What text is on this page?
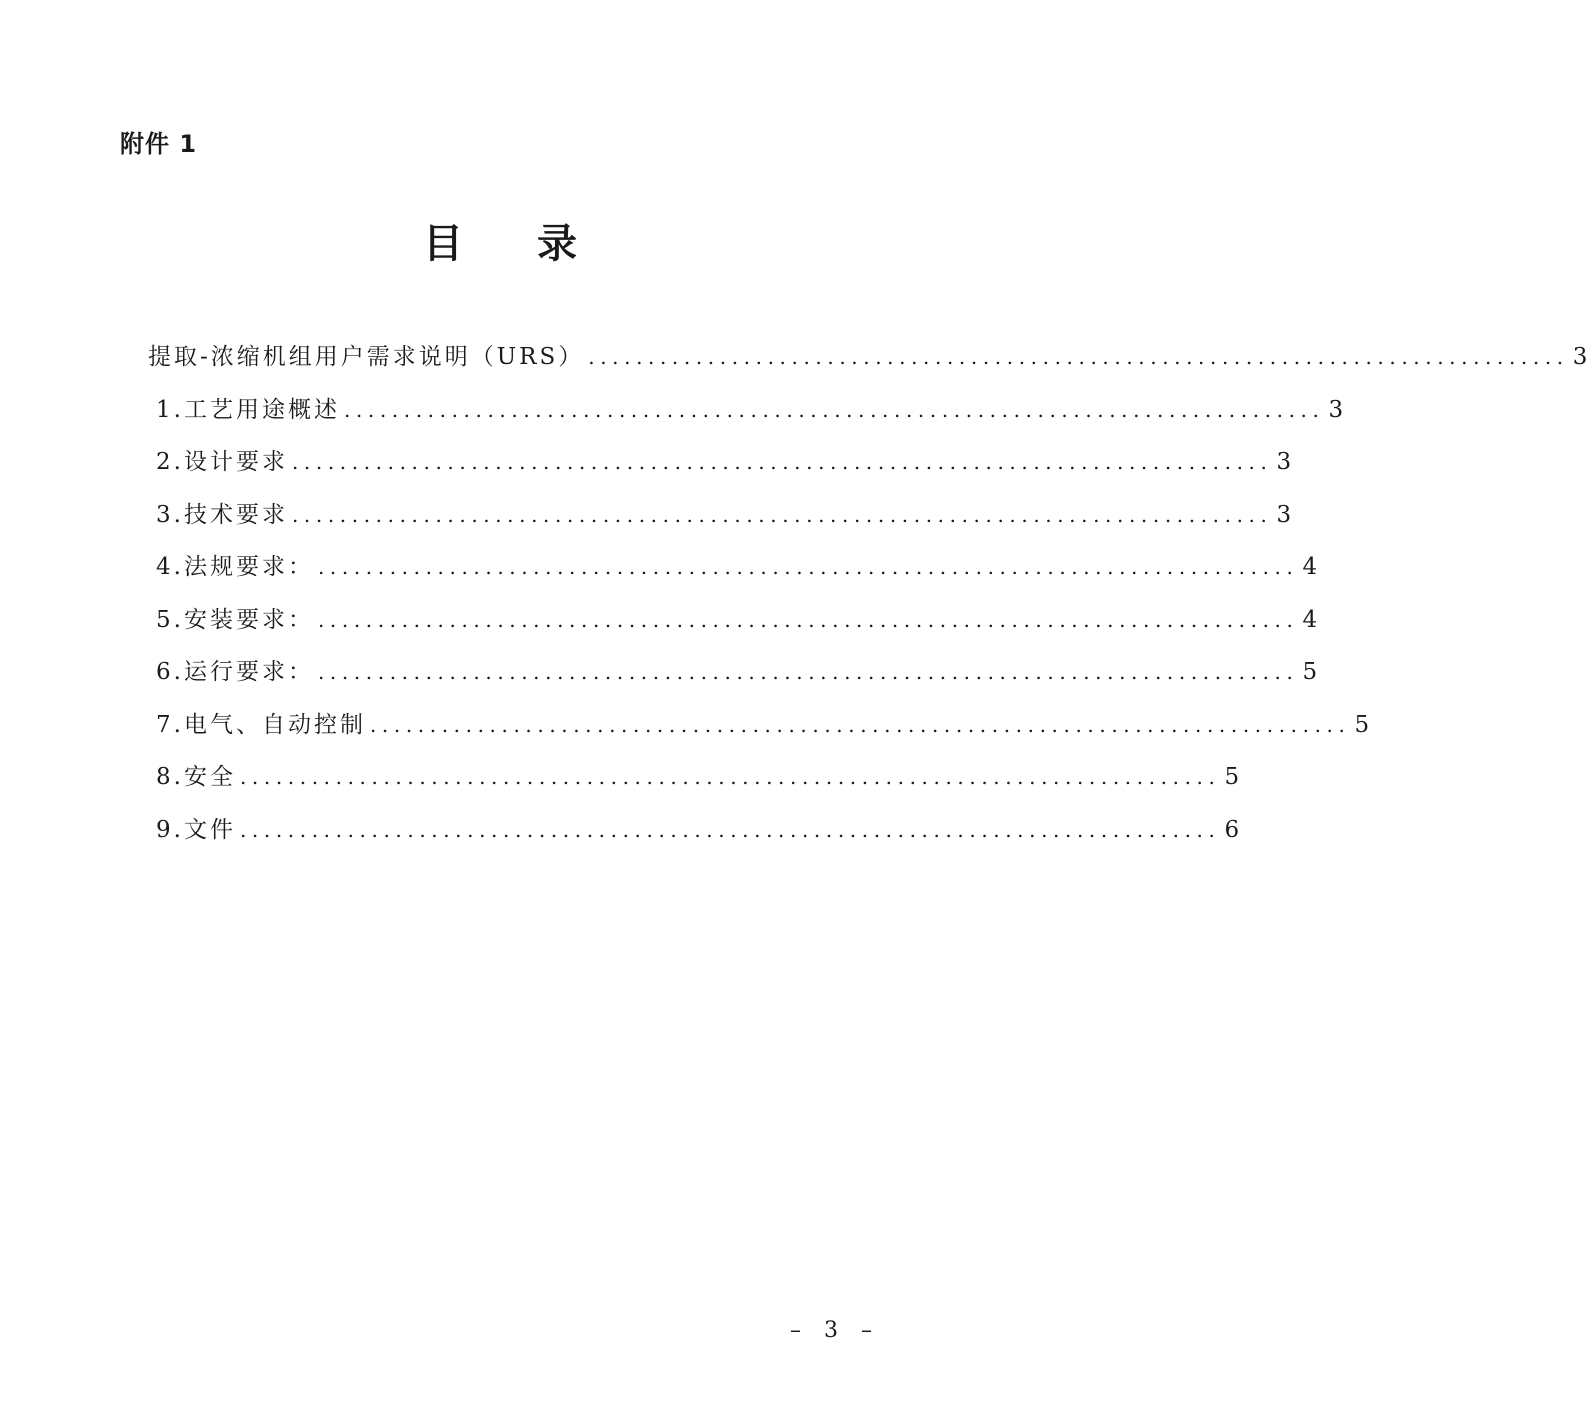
附件 1
目 录
提取-浓缩机组用户需求说明（URS） .................................................................................. 3
1. 工艺用途概述 .................................................................................. 3
2. 设计要求 .................................................................................. 3
3. 技术要求 .................................................................................. 3
4. 法规要求： .................................................................................. 4
5. 安装要求： .................................................................................. 4
6. 运行要求： .................................................................................. 5
7. 电气、自动控制 .................................................................................. 5
8. 安全 .................................................................................. 5
9. 文件 .................................................................................. 6
– 3 –
